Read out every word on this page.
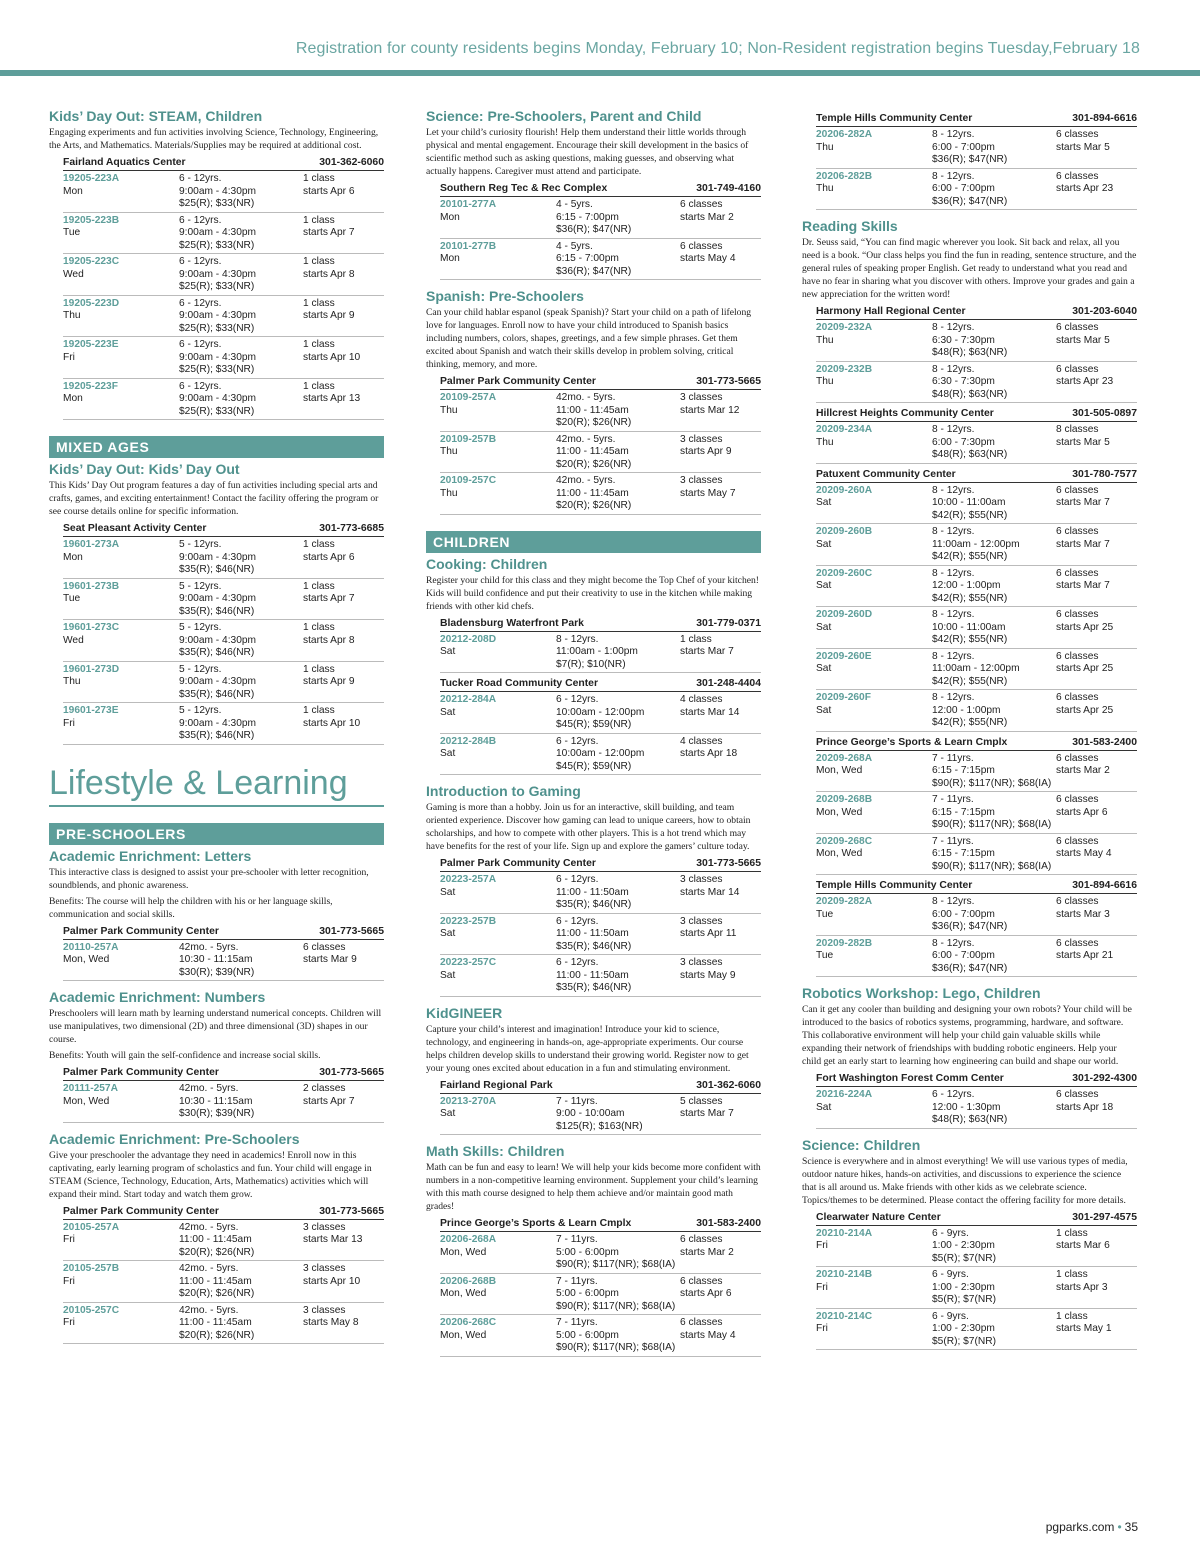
Registration for county residents begins Monday, February 10; Non-Resident registration begins Tuesday,February 18
Kids’ Day Out: STEAM, Children
Engaging experiments and fun activities involving Science, Technology, Engineering, the Arts, and Mathematics. Materials/Supplies may be required at additional cost.
Fairland Aquatics Center	301-362-6060
19205-223A	6 - 12yrs.	1 class
Mon	9:00am - 4:30pm	starts Apr 6
$25(R); $33(NR)
19205-223B	6 - 12yrs.	1 class
Tue	9:00am - 4:30pm	starts Apr 7
$25(R); $33(NR)
19205-223C	6 - 12yrs.	1 class
Wed	9:00am - 4:30pm	starts Apr 8
$25(R); $33(NR)
19205-223D	6 - 12yrs.	1 class
Thu	9:00am - 4:30pm	starts Apr 9
$25(R); $33(NR)
19205-223E	6 - 12yrs.	1 class
Fri	9:00am - 4:30pm	starts Apr 10
$25(R); $33(NR)
19205-223F	6 - 12yrs.	1 class
Mon	9:00am - 4:30pm	starts Apr 13
$25(R); $33(NR)
MIXED AGES
Kids’ Day Out: Kids’ Day Out
This Kids’ Day Out program features a day of fun activities including special arts and crafts, games, and exciting entertainment! Contact the facility offering the program or see course details online for specific information.
Seat Pleasant Activity Center	301-773-6685
19601-273A	5 - 12yrs.	1 class
Mon	9:00am - 4:30pm	starts Apr 6
$35(R); $46(NR)
19601-273B	5 - 12yrs.	1 class
Tue	9:00am - 4:30pm	starts Apr 7
$35(R); $46(NR)
19601-273C	5 - 12yrs.	1 class
Wed	9:00am - 4:30pm	starts Apr 8
$35(R); $46(NR)
19601-273D	5 - 12yrs.	1 class
Thu	9:00am - 4:30pm	starts Apr 9
$35(R); $46(NR)
19601-273E	5 - 12yrs.	1 class
Fri	9:00am - 4:30pm	starts Apr 10
$35(R); $46(NR)
Lifestyle & Learning
PRE-SCHOOLERS
Academic Enrichment: Letters
This interactive class is designed to assist your pre-schooler with letter recognition, soundblends, and phonic awareness.
Benefits: The course will help the children with his or her language skills, communication and social skills.
Palmer Park Community Center	301-773-5665
20110-257A	42mo. - 5yrs.	6 classes
Mon, Wed	10:30 - 11:15am	starts Mar 9
$30(R); $39(NR)
Academic Enrichment: Numbers
Preschoolers will learn math by learning understand numerical concepts. Children will use manipulatives, two dimensional (2D) and three dimensional (3D) shapes in our course.
Benefits: Youth will gain the self-confidence and increase social skills.
Palmer Park Community Center	301-773-5665
20111-257A	42mo. - 5yrs.	2 classes
Mon, Wed	10:30 - 11:15am	starts Apr 7
$30(R); $39(NR)
Academic Enrichment: Pre-Schoolers
Give your preschooler the advantage they need in academics! Enroll now in this captivating, early learning program of scholastics and fun. Your child will engage in STEAM (Science, Technology, Education, Arts, Mathematics) activities which will expand their mind. Start today and watch them grow.
Palmer Park Community Center	301-773-5665
20105-257A	42mo. - 5yrs.	3 classes
Fri	11:00 - 11:45am	starts Mar 13
$20(R); $26(NR)
20105-257B	42mo. - 5yrs.	3 classes
Fri	11:00 - 11:45am	starts Apr 10
$20(R); $26(NR)
20105-257C	42mo. - 5yrs.	3 classes
Fri	11:00 - 11:45am	starts May 8
$20(R); $26(NR)
Science: Pre-Schoolers, Parent and Child
Let your child’s curiosity flourish! Help them understand their little worlds through physical and mental engagement. Encourage their skill development in the basics of scientific method such as asking questions, making guesses, and observing what actually happens. Caregiver must attend and participate.
Southern Reg Tec & Rec Complex	301-749-4160
20101-277A	4 - 5yrs.	6 classes
Mon	6:15 - 7:00pm	starts Mar 2
$36(R); $47(NR)
20101-277B	4 - 5yrs.	6 classes
Mon	6:15 - 7:00pm	starts May 4
$36(R); $47(NR)
Spanish: Pre-Schoolers
Can your child hablar espanol (speak Spanish)? Start your child on a path of lifelong love for languages. Enroll now to have your child introduced to Spanish basics including numbers, colors, shapes, greetings, and a few simple phrases. Get them excited about Spanish and watch their skills develop in problem solving, critical thinking, memory, and more.
Palmer Park Community Center	301-773-5665
20109-257A	42mo. - 5yrs.	3 classes
Thu	11:00 - 11:45am	starts Mar 12
$20(R); $26(NR)
20109-257B	42mo. - 5yrs.	3 classes
Thu	11:00 - 11:45am	starts Apr 9
$20(R); $26(NR)
20109-257C	42mo. - 5yrs.	3 classes
Thu	11:00 - 11:45am	starts May 7
$20(R); $26(NR)
CHILDREN
Cooking: Children
Register your child for this class and they might become the Top Chef of your kitchen! Kids will build confidence and put their creativity to use in the kitchen while making friends with other kid chefs.
Bladensburg Waterfront Park	301-779-0371
20212-208D	8 - 12yrs.	1 class
Sat	11:00am - 1:00pm	starts Mar 7
$7(R); $10(NR)
Tucker Road Community Center	301-248-4404
20212-284A	6 - 12yrs.	4 classes
Sat	10:00am - 12:00pm	starts Mar 14
$45(R); $59(NR)
20212-284B	6 - 12yrs.	4 classes
Sat	10:00am - 12:00pm	starts Apr 18
$45(R); $59(NR)
Introduction to Gaming
Gaming is more than a hobby. Join us for an interactive, skill building, and team oriented experience. Discover how gaming can lead to unique careers, how to obtain scholarships, and how to compete with other players. This is a hot trend which may have benefits for the rest of your life. Sign up and explore the gamers’ culture today.
Palmer Park Community Center	301-773-5665
20223-257A	6 - 12yrs.	3 classes
Sat	11:00 - 11:50am	starts Mar 14
$35(R); $46(NR)
20223-257B	6 - 12yrs.	3 classes
Sat	11:00 - 11:50am	starts Apr 11
$35(R); $46(NR)
20223-257C	6 - 12yrs.	3 classes
Sat	11:00 - 11:50am	starts May 9
$35(R); $46(NR)
KidGINEER
Capture your child’s interest and imagination! Introduce your kid to science, technology, and engineering in hands-on, age-appropriate experiments. Our course helps children develop skills to understand their growing world. Register now to get your young ones excited about education in a fun and stimulating environment.
Fairland Regional Park	301-362-6060
20213-270A	7 - 11yrs.	5 classes
Sat	9:00 - 10:00am	starts Mar 7
$125(R); $163(NR)
Math Skills: Children
Math can be fun and easy to learn! We will help your kids become more confident with numbers in a non-competitive learning environment. Supplement your child’s learning with this math course designed to help them achieve and/or maintain good math grades!
Prince George’s Sports & Learn Cmplx	301-583-2400
20206-268A	7 - 11yrs.	6 classes
Mon, Wed	5:00 - 6:00pm	starts Mar 2
$90(R); $117(NR); $68(IA)
20206-268B	7 - 11yrs.	6 classes
Mon, Wed	5:00 - 6:00pm	starts Apr 6
$90(R); $117(NR); $68(IA)
20206-268C	7 - 11yrs.	6 classes
Mon, Wed	5:00 - 6:00pm	starts May 4
$90(R); $117(NR); $68(IA)
Temple Hills Community Center	301-894-6616
20206-282A	8 - 12yrs.	6 classes
Thu	6:00 - 7:00pm	starts Mar 5
$36(R); $47(NR)
20206-282B	8 - 12yrs.	6 classes
Thu	6:00 - 7:00pm	starts Apr 23
$36(R); $47(NR)
Reading Skills
Dr. Seuss said, “You can find magic wherever you look. Sit back and relax, all you need is a book. “Our class helps you find the fun in reading, sentence structure, and the general rules of speaking proper English. Get ready to understand what you read and have no fear in sharing what you discover with others. Improve your grades and gain a new appreciation for the written word!
Harmony Hall Regional Center	301-203-6040
20209-232A	8 - 12yrs.	6 classes
Thu	6:30 - 7:30pm	starts Mar 5
$48(R); $63(NR)
20209-232B	8 - 12yrs.	6 classes
Thu	6:30 - 7:30pm	starts Apr 23
$48(R); $63(NR)
Hillcrest Heights Community Center	301-505-0897
20209-234A	8 - 12yrs.	8 classes
Thu	6:00 - 7:30pm	starts Mar 5
$48(R); $63(NR)
Patuxent Community Center	301-780-7577
20209-260A	8 - 12yrs.	6 classes
Sat	10:00 - 11:00am	starts Mar 7
$42(R); $55(NR)
20209-260B	8 - 12yrs.	6 classes
Sat	11:00am - 12:00pm	starts Mar 7
$42(R); $55(NR)
20209-260C	8 - 12yrs.	6 classes
Sat	12:00 - 1:00pm	starts Mar 7
$42(R); $55(NR)
20209-260D	8 - 12yrs.	6 classes
Sat	10:00 - 11:00am	starts Apr 25
$42(R); $55(NR)
20209-260E	8 - 12yrs.	6 classes
Sat	11:00am - 12:00pm	starts Apr 25
$42(R); $55(NR)
20209-260F	8 - 12yrs.	6 classes
Sat	12:00 - 1:00pm	starts Apr 25
$42(R); $55(NR)
Prince George’s Sports & Learn Cmplx	301-583-2400
20209-268A	7 - 11yrs.	6 classes
Mon, Wed	6:15 - 7:15pm	starts Mar 2
$90(R); $117(NR); $68(IA)
20209-268B	7 - 11yrs.	6 classes
Mon, Wed	6:15 - 7:15pm	starts Apr 6
$90(R); $117(NR); $68(IA)
20209-268C	7 - 11yrs.	6 classes
Mon, Wed	6:15 - 7:15pm	starts May 4
$90(R); $117(NR); $68(IA)
Temple Hills Community Center	301-894-6616
20209-282A	8 - 12yrs.	6 classes
Tue	6:00 - 7:00pm	starts Mar 3
$36(R); $47(NR)
20209-282B	8 - 12yrs.	6 classes
Tue	6:00 - 7:00pm	starts Apr 21
$36(R); $47(NR)
Robotics Workshop: Lego, Children
Can it get any cooler than building and designing your own robots? Your child will be introduced to the basics of robotics systems, programming, hardware, and software. This collaborative environment will help your child gain valuable skills while expanding their network of friendships with budding robotic engineers. Help your child get an early start to learning how engineering can build and shape our world.
Fort Washington Forest Comm Center	301-292-4300
20216-224A	6 - 12yrs.	6 classes
Sat	12:00 - 1:30pm	starts Apr 18
$48(R); $63(NR)
Science: Children
Science is everywhere and in almost everything! We will use various types of media, outdoor nature hikes, hands-on activities, and discussions to experience the science that is all around us. Make friends with other kids as we celebrate science. Topics/themes to be determined. Please contact the offering facility for more details.
Clearwater Nature Center	301-297-4575
20210-214A	6 - 9yrs.	1 class
Fri	1:00 - 2:30pm	starts Mar 6
$5(R); $7(NR)
20210-214B	6 - 9yrs.	1 class
Fri	1:00 - 2:30pm	starts Apr 3
$5(R); $7(NR)
20210-214C	6 - 9yrs.	1 class
Fri	1:00 - 2:30pm	starts May 1
$5(R); $7(NR)
pgparks.com • 35
